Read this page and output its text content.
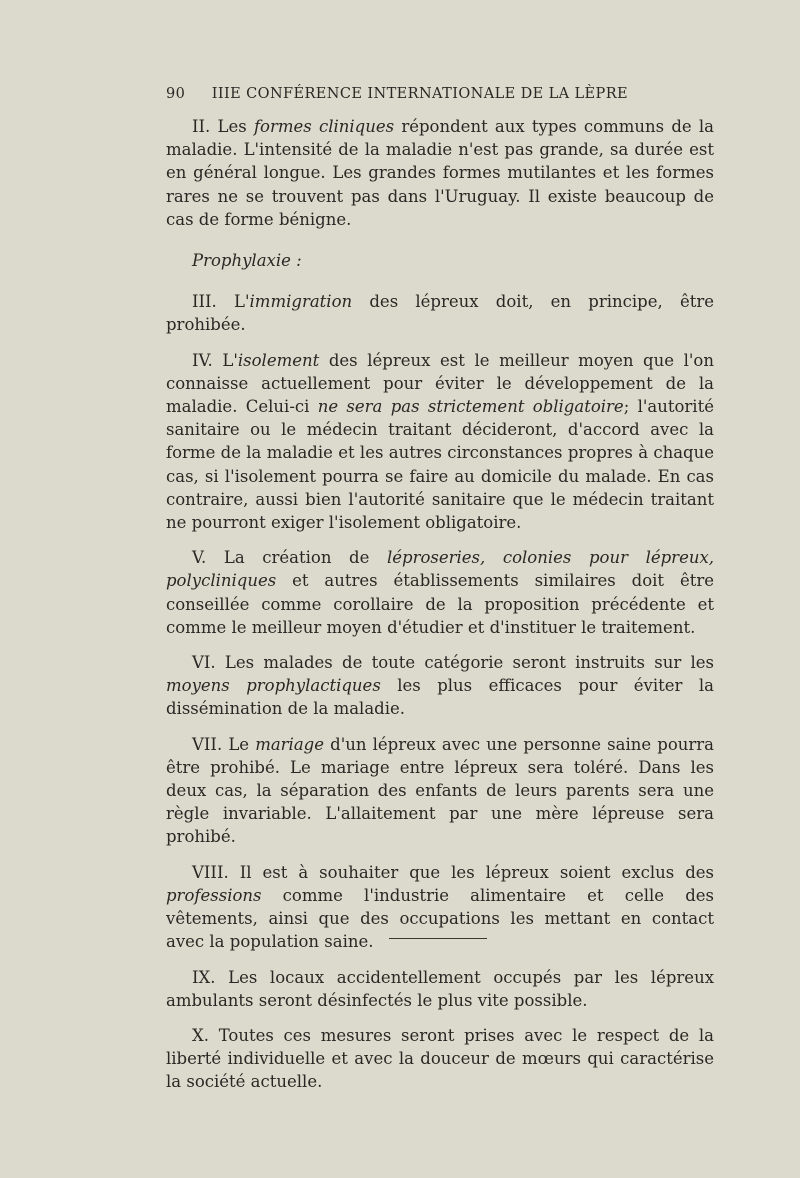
90 IIIE CONFÉRENCE INTERNATIONALE DE LA LÈPRE

II. Les formes cliniques répondent aux types communs de la maladie. L'intensité de la maladie n'est pas grande, sa durée est en général longue. Les grandes formes mutilantes et les formes rares ne se trouvent pas dans l'Uruguay. Il existe beaucoup de cas de forme bénigne.

Prophylaxie :

III. L'immigration des lépreux doit, en principe, être prohibée.

IV. L'isolement des lépreux est le meilleur moyen que l'on connaisse actuellement pour éviter le développement de la maladie. Celui-ci ne sera pas strictement obligatoire; l'autorité sanitaire ou le médecin traitant décideront, d'accord avec la forme de la maladie et les autres circonstances propres à chaque cas, si l'isolement pourra se faire au domicile du malade. En cas contraire, aussi bien l'autorité sanitaire que le médecin traitant ne pourront exiger l'isolement obligatoire.

V. La création de léproseries, colonies pour lépreux, polycliniques et autres établissements similaires doit être conseillée comme corollaire de la proposition précédente et comme le meilleur moyen d'étudier et d'instituer le traitement.

VI. Les malades de toute catégorie seront instruits sur les moyens prophylactiques les plus efficaces pour éviter la dissémination de la maladie.

VII. Le mariage d'un lépreux avec une personne saine pourra être prohibé. Le mariage entre lépreux sera toléré. Dans les deux cas, la séparation des enfants de leurs parents sera une règle invariable. L'allaitement par une mère lépreuse sera prohibé.

VIII. Il est à souhaiter que les lépreux soient exclus des professions comme l'industrie alimentaire et celle des vêtements, ainsi que des occupations les mettant en contact avec la population saine.

IX. Les locaux accidentellement occupés par les lépreux ambulants seront désinfectés le plus vite possible.

X. Toutes ces mesures seront prises avec le respect de la liberté individuelle et avec la douceur de mœurs qui caractérise la société actuelle.
